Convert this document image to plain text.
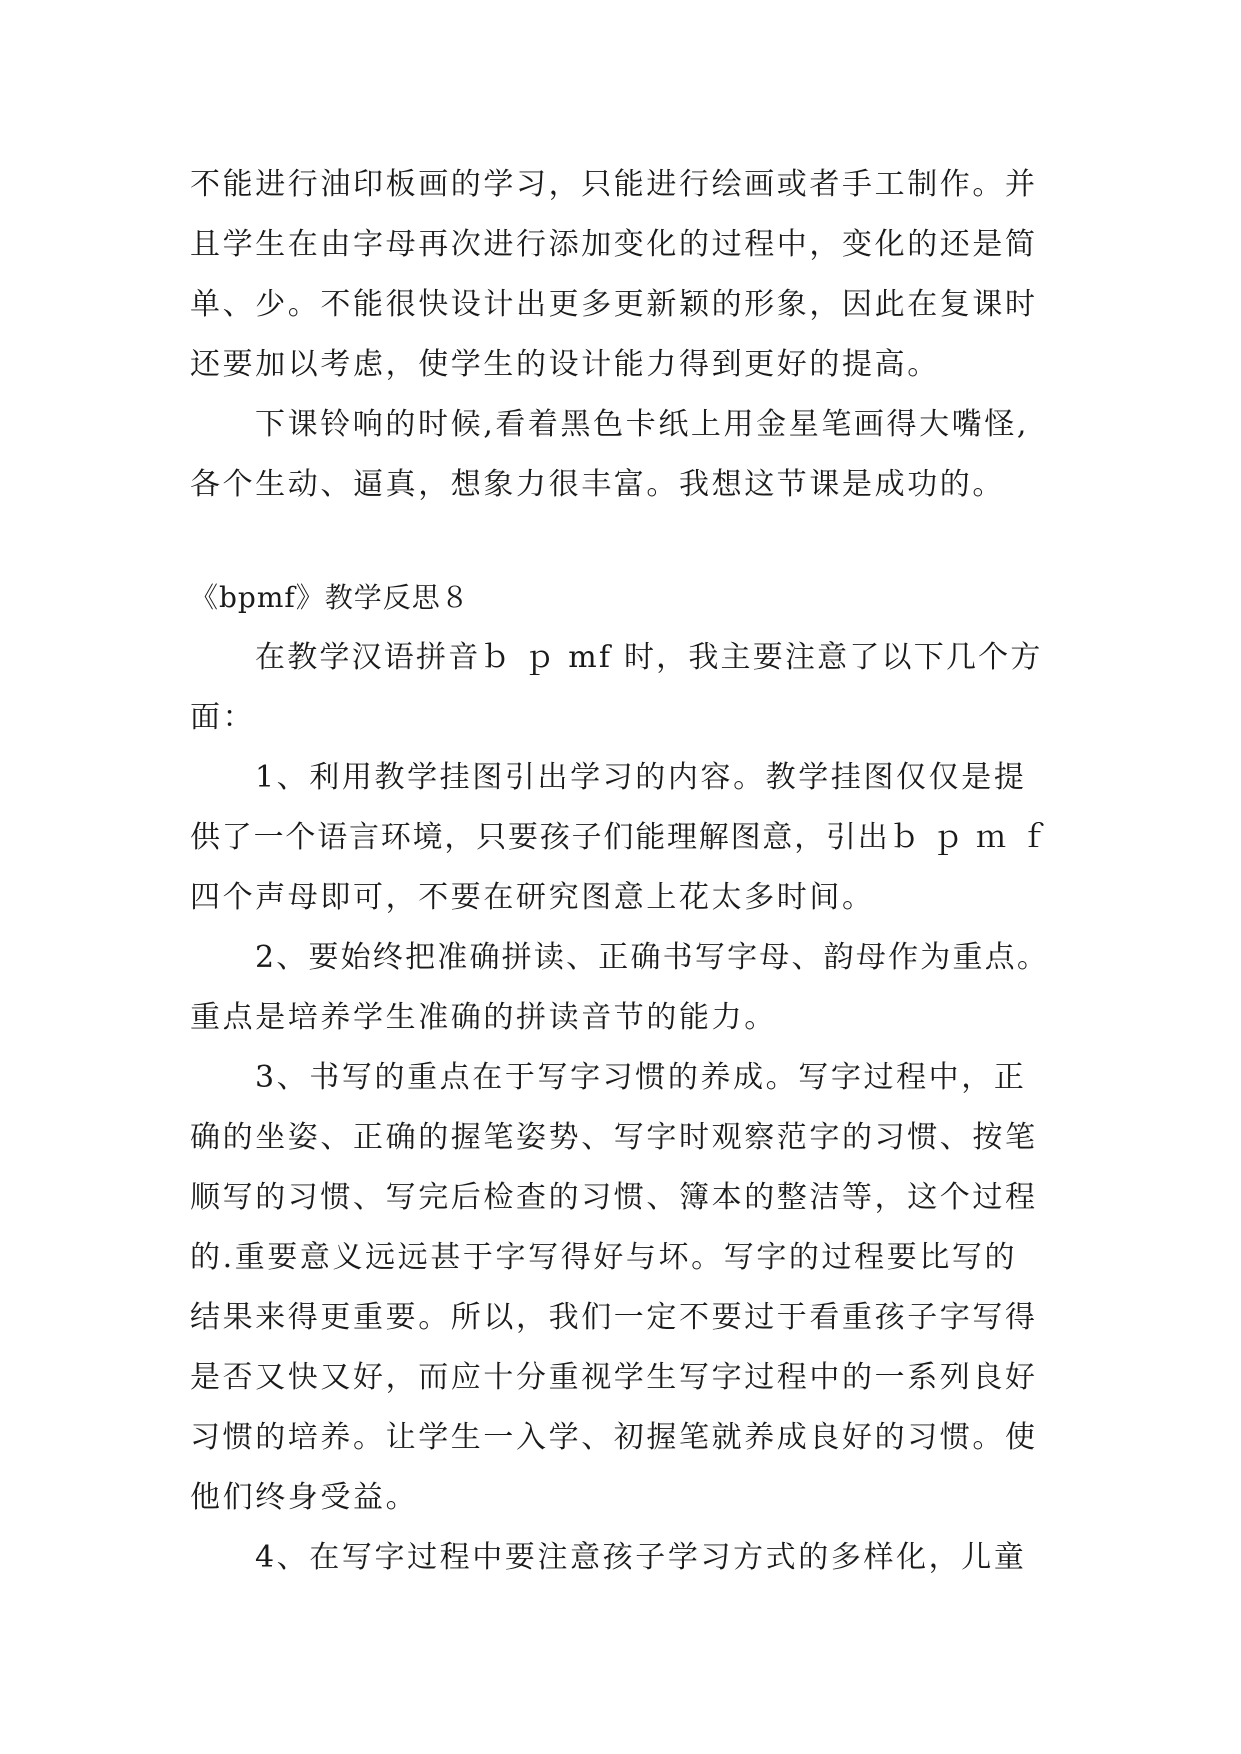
不能进行油印板画的学习，只能进行绘画或者手工制作。并
且学生在由字母再次进行添加变化的过程中，变化的还是简
单、少。不能很快设计出更多更新颖的形象，因此在复课时
还要加以考虑，使学生的设计能力得到更好的提高。
下课铃响的时候,看着黑色卡纸上用金星笔画得大嘴怪,
各个生动、逼真，想象力很丰富。我想这节课是成功的。
《bpmf》教学反思８
在教学汉语拼音ｂ ｐ mf 时，我主要注意了以下几个方
面：
1、利用教学挂图引出学习的内容。教学挂图仅仅是提
供了一个语言环境，只要孩子们能理解图意，引出ｂ ｐ ｍ ｆ
四个声母即可，不要在研究图意上花太多时间。
2、要始终把准确拼读、正确书写字母、韵母作为重点。
重点是培养学生准确的拼读音节的能力。
3、书写的重点在于写字习惯的养成。写字过程中，正
确的坐姿、正确的握笔姿势、写字时观察范字的习惯、按笔
顺写的习惯、写完后检查的习惯、簿本的整洁等，这个过程
的.重要意义远远甚于字写得好与坏。写字的过程要比写的
结果来得更重要。所以，我们一定不要过于看重孩子字写得
是否又快又好，而应十分重视学生写字过程中的一系列良好
习惯的培养。让学生一入学、初握笔就养成良好的习惯。使
他们终身受益。
4、在写字过程中要注意孩子学习方式的多样化，儿童
